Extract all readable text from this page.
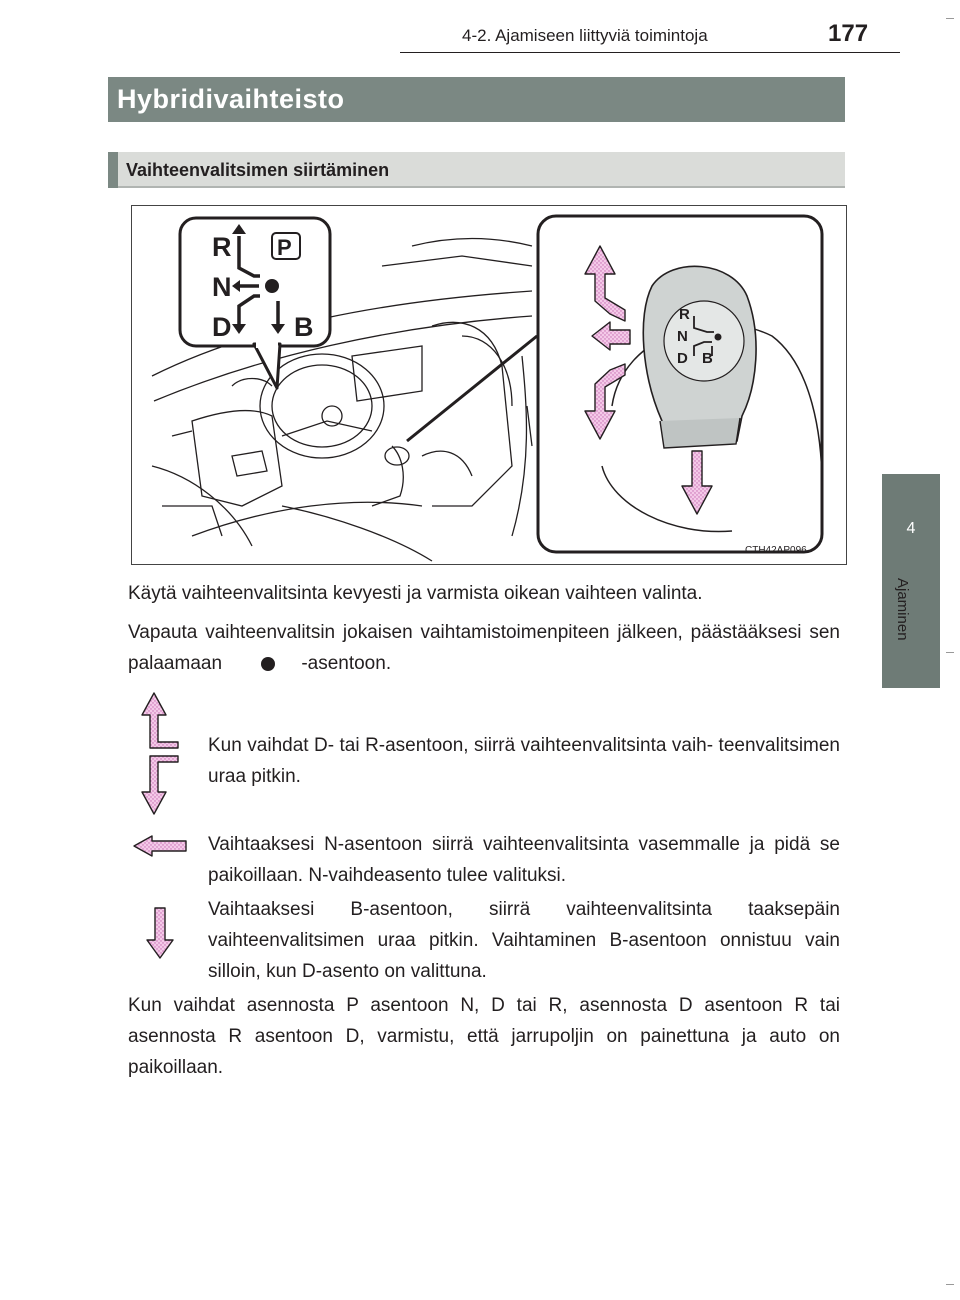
4-2. Ajamiseen liittyviä toimintoja	177
4
Ajaminen
Hybridivaihteisto
Vaihteenvalitsimen siirtäminen
R P
N
D B	R
N
D B
CTH42AP096
Käytä vaihteenvalitsinta kevyesti ja varmista oikean vaihteen valinta.
Vapauta vaihteenvalitsin jokaisen vaihtamistoimenpiteen jälkeen, päästääksesi sen palaamaan	-asentoon.
Kun vaihdat D- tai R-asentoon, siirrä vaihteenvalitsinta vaih- teenvalitsimen uraa pitkin.
Vaihtaaksesi N-asentoon siirrä vaihteenvalitsinta vasemmalle ja pidä se paikoillaan. N-vaihdeasento tulee valituksi.
Vaihtaaksesi B-asentoon, siirrä vaihteenvalitsinta taaksepäin vaihteenvalitsimen uraa pitkin. Vaihtaminen B-asentoon onnistuu vain silloin, kun D-asento on valittuna.
Kun vaihdat asennosta P asentoon N, D tai R, asennosta D asentoon R tai asennosta R asentoon D, varmistu, että jarrupoljin on painettuna ja auto on paikoillaan.
